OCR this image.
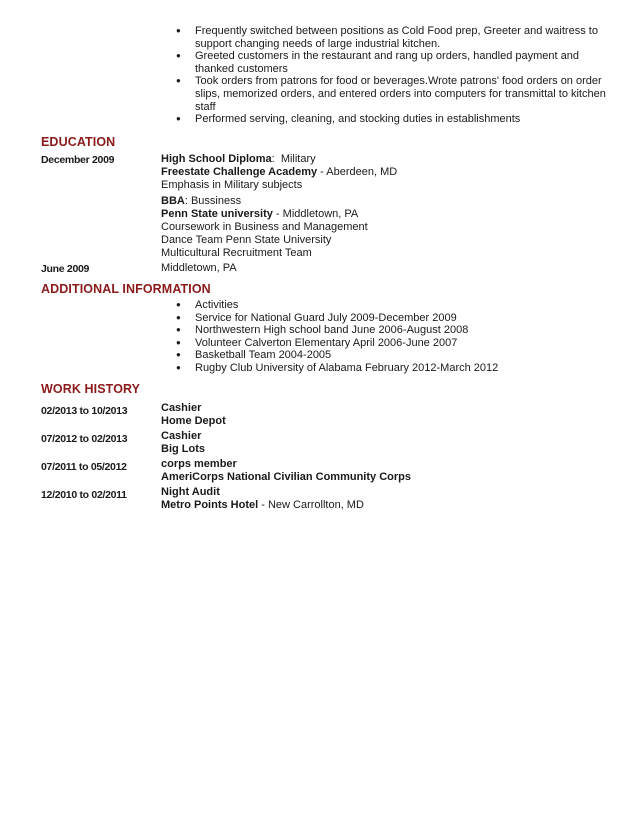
● Frequently switched between positions as Cold Food prep, Greeter and waitress to support changing needs of large industrial kitchen.
● Greeted customers in the restaurant and rang up orders, handled payment and thanked customers
● Took orders from patrons for food or beverages.Wrote patrons' food orders on order slips, memorized orders, and entered orders into computers for transmittal to kitchen staff
● Performed serving, cleaning, and stocking duties in establishments
EDUCATION
December 2009	High School Diploma: Military
Freestate Challenge Academy - Aberdeen, MD
Emphasis in Military subjects
BBA: Bussiness
Penn State university - Middletown, PA
Coursework in Business and Management
Dance Team Penn State University
Multicultural Recruitment Team
June 2009	Middletown, PA
ADDITIONAL INFORMATION
● Activities
● Service for National Guard July 2009-December 2009
● Northwestern High school band June 2006-August 2008
● Volunteer Calverton Elementary April 2006-June 2007
● Basketball Team 2004-2005
● Rugby Club University of Alabama February 2012-March 2012
WORK HISTORY
02/2013 to 10/2013	Cashier
Home Depot
07/2012 to 02/2013	Cashier
Big Lots
07/2011 to 05/2012	corps member
AmeriCorps National Civilian Community Corps
12/2010 to 02/2011	Night Audit
Metro Points Hotel - New Carrollton, MD
